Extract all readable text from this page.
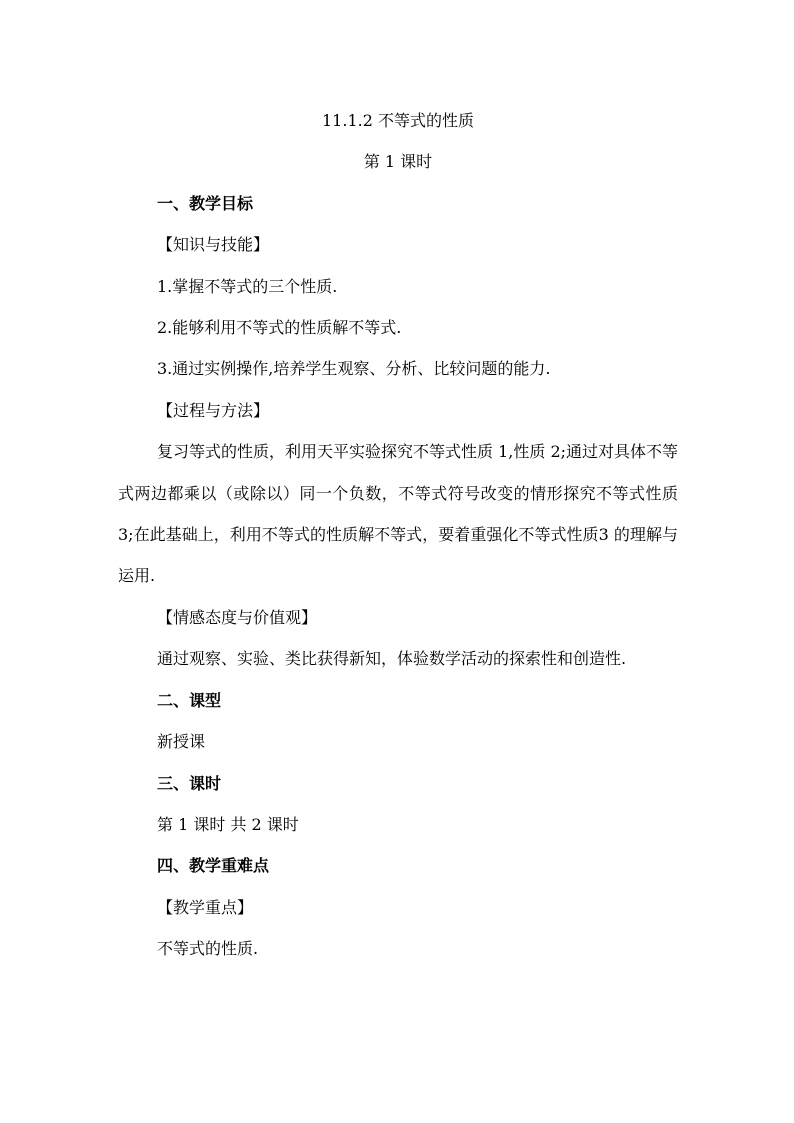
11.1.2 不等式的性质

第 1 课时

一、教学目标

【知识与技能】

1.掌握不等式的三个性质.

2.能够利用不等式的性质解不等式.

3.通过实例操作,培养学生观察、分析、比较问题的能力.

【过程与方法】

复习等式的性质，利用天平实验探究不等式性质 1,性质 2;通过对具体不等式两边都乘以（或除以）同一个负数，不等式符号改变的情形探究不等式性质 3;在此基础上，利用不等式的性质解不等式，要着重强化不等式性质3 的理解与运用.

【情感态度与价值观】

通过观察、实验、类比获得新知，体验数学活动的探索性和创造性.

二、课型

新授课

三、课时

第 1 课时 共 2 课时

四、教学重难点

【教学重点】

不等式的性质.
